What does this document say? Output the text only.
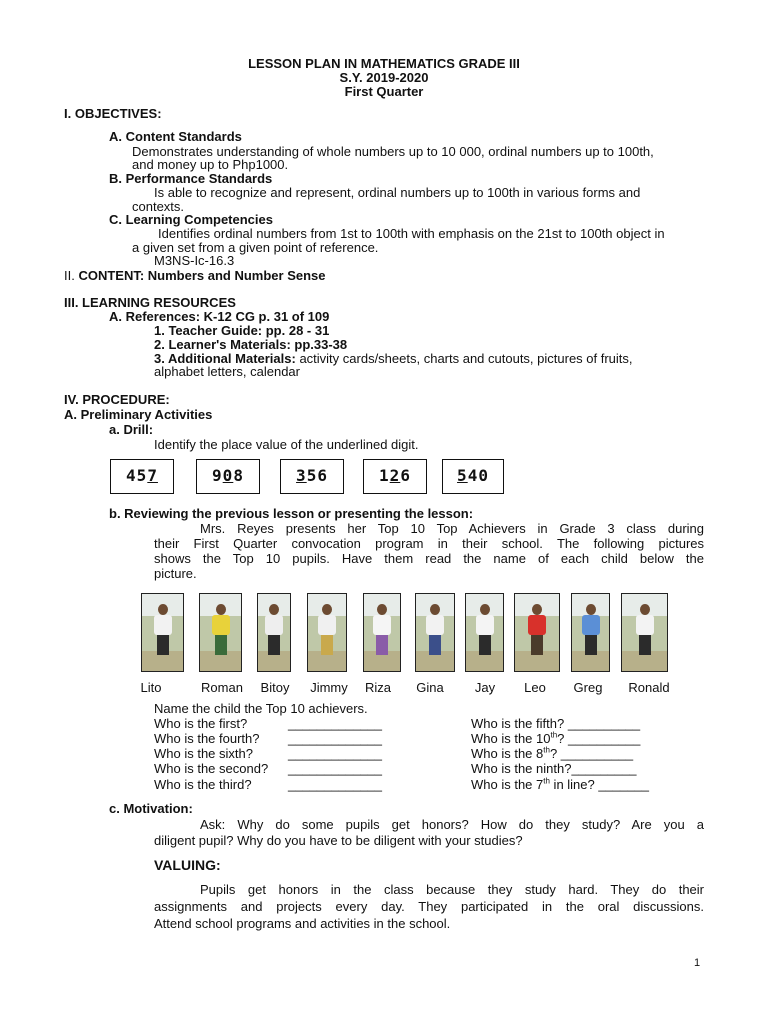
LESSON PLAN IN MATHEMATICS GRADE III
S.Y. 2019-2020
First Quarter
I. OBJECTIVES:
A. Content Standards
Demonstrates understanding of whole numbers up to 10 000, ordinal numbers up to 100th,
and money up to Php1000.
B. Performance Standards
Is able to recognize and represent, ordinal numbers up to 100th in various forms and
contexts.
C. Learning Competencies
Identifies ordinal numbers from 1st to 100th with emphasis on the 21st to 100th object in
a given set from a given point of reference.
M3NS-Ic-16.3
II. CONTENT: Numbers and Number Sense
III. LEARNING RESOURCES
A. References: K-12 CG p. 31 of 109
1. Teacher Guide: pp. 28 - 31
2. Learner's Materials: pp.33-38
3. Additional Materials: activity cards/sheets, charts and cutouts, pictures of fruits,
alphabet letters, calendar
IV. PROCEDURE:
A. Preliminary Activities
a. Drill:
Identify the place value of the underlined digit.
45 7	9 0 8	3 56	1 2 6	5 40
b. Reviewing the previous lesson or presenting the lesson:
Mrs. Reyes presents her Top 10 Top Achievers in Grade 3 class during
their First Quarter convocation program in their school. The following pictures
shows the Top 10 pupils. Have them read the name of each child below the
picture.
Lito	Roman	Bitoy	Jimmy	Riza	Gina	Jay	Leo	Greg	Ronald
Name the child the Top 10 achievers.
Who is the first?	_____________
Who is the fourth? _____________
Who is the sixth?	_____________
Who is the second? _____________
Who is the third?	_____________
Who is the fifth? __________
Who is the 10th? __________
Who is the 8th? __________
Who is the ninth?_________
Who is the 7th in line? _______
c. Motivation:
Ask: Why do some pupils get honors? How do they study? Are you a
diligent pupil? Why do you have to be diligent with your studies?
VALUING:
Pupils get honors in the class because they study hard. They do their
assignments and projects every day. They participated in the oral discussions.
Attend school programs and activities in the school.
1
